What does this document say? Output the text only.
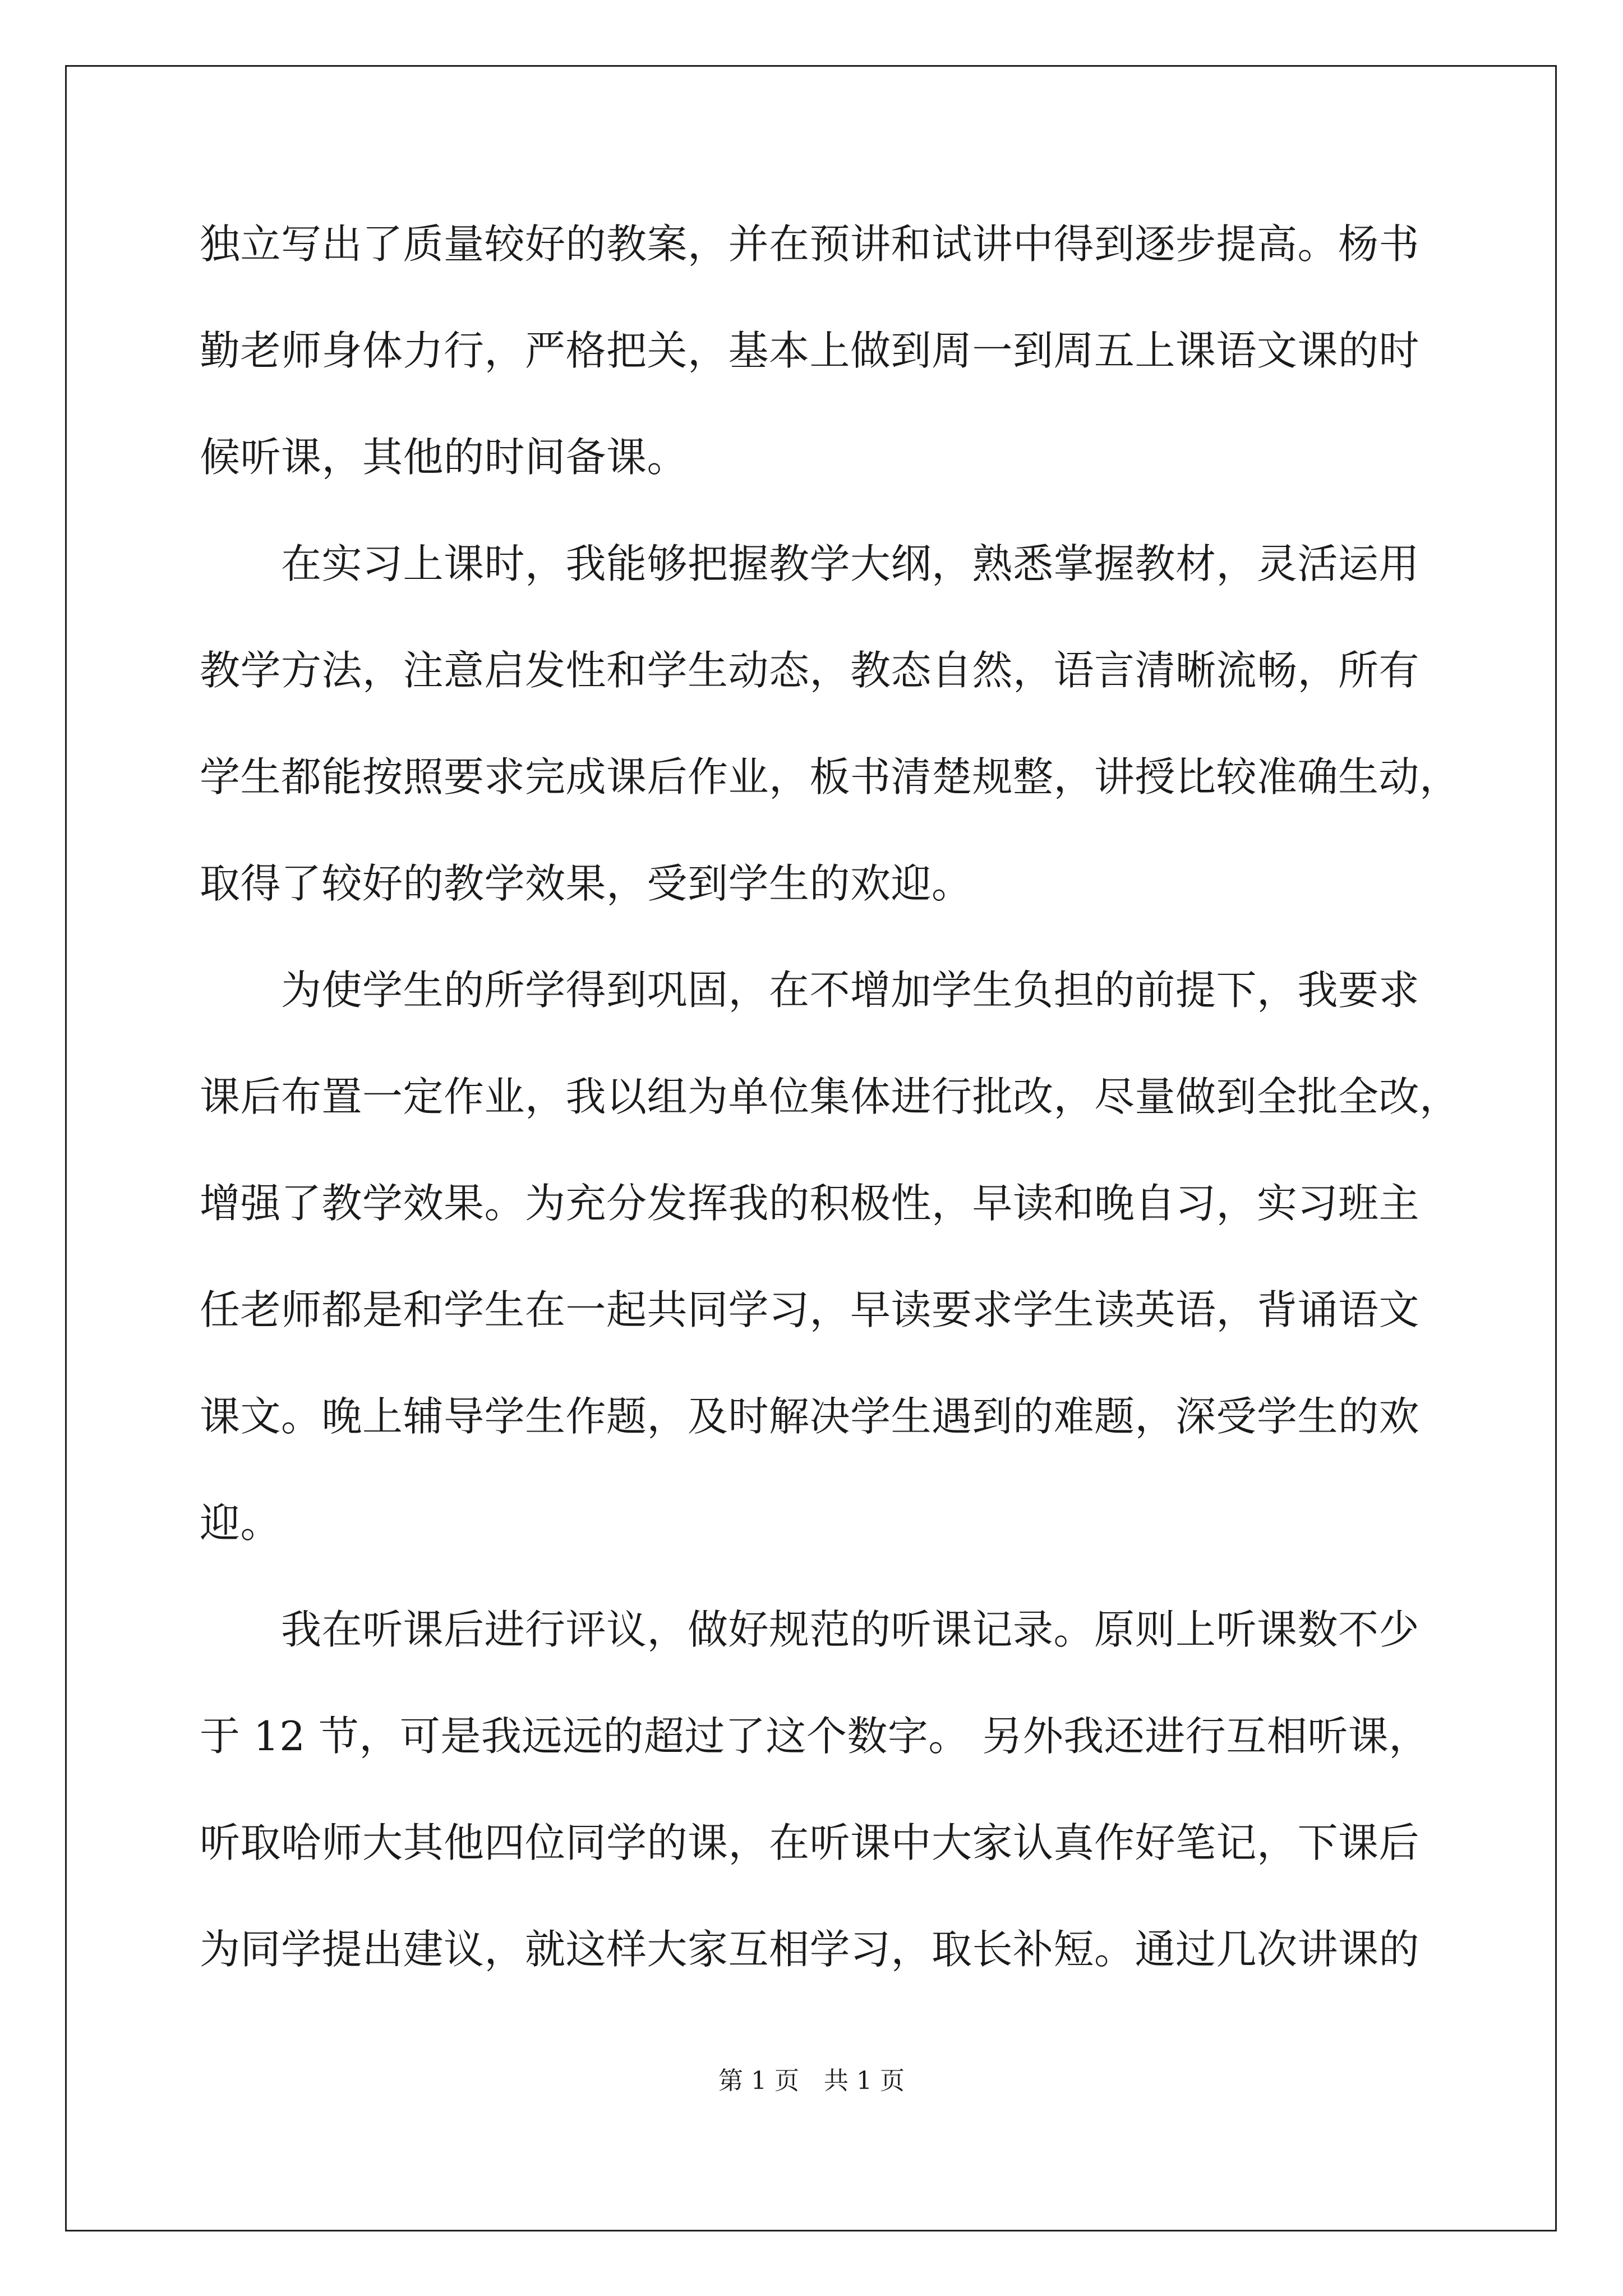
独立写出了质量较好的教案，并在预讲和试讲中得到逐步提高。杨书
勤老师身体力行，严格把关，基本上做到周一到周五上课语文课的时
候听课，其他的时间备课。
　　在实习上课时，我能够把握教学大纲，熟悉掌握教材，灵活运用
教学方法，注意启发性和学生动态，教态自然，语言清晰流畅，所有
学生都能按照要求完成课后作业，板书清楚规整，讲授比较准确生动，
取得了较好的教学效果，受到学生的欢迎。
　　为使学生的所学得到巩固，在不增加学生负担的前提下，我要求
课后布置一定作业，我以组为单位集体进行批改，尽量做到全批全改，
增强了教学效果。为充分发挥我的积极性，早读和晚自习，实习班主
任老师都是和学生在一起共同学习，早读要求学生读英语，背诵语文
课文。晚上辅导学生作题，及时解决学生遇到的难题，深受学生的欢
迎。
　　我在听课后进行评议，做好规范的听课记录。原则上听课数不少
于 12 节，可是我远远的超过了这个数字。 另外我还进行互相听课，
听取哈师大其他四位同学的课，在听课中大家认真作好笔记，下课后
为同学提出建议，就这样大家互相学习，取长补短。通过几次讲课的
第 1 页　共 1 页
